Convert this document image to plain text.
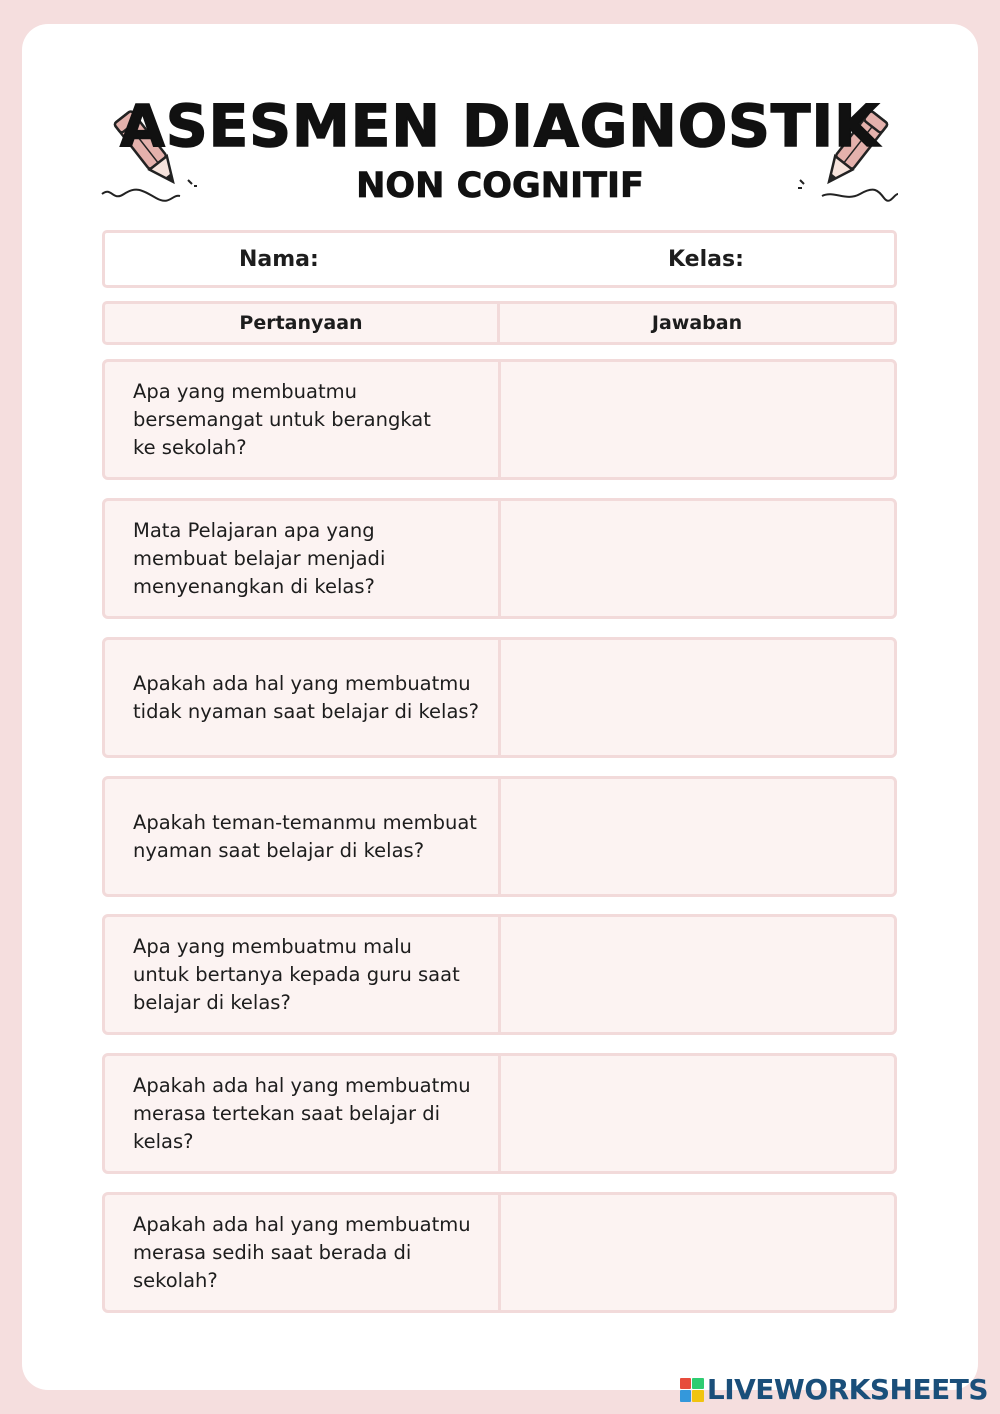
ASESMEN DIAGNOSTIK
NON COGNITIF
Nama:	Kelas:
Pertanyaan	Jawaban
Apa yang membuatmu
bersemangat untuk berangkat
ke sekolah?
Mata Pelajaran apa yang
membuat belajar menjadi
menyenangkan di kelas?
Apakah ada hal yang membuatmu
tidak nyaman saat belajar di kelas?
Apakah teman-temanmu membuat
nyaman saat belajar di kelas?
Apa yang membuatmu malu
untuk bertanya kepada guru saat
belajar di kelas?
Apakah ada hal yang membuatmu
merasa tertekan saat belajar di
kelas?
Apakah ada hal yang membuatmu
merasa sedih saat berada di
sekolah?
LIVEWORKSHEETS
